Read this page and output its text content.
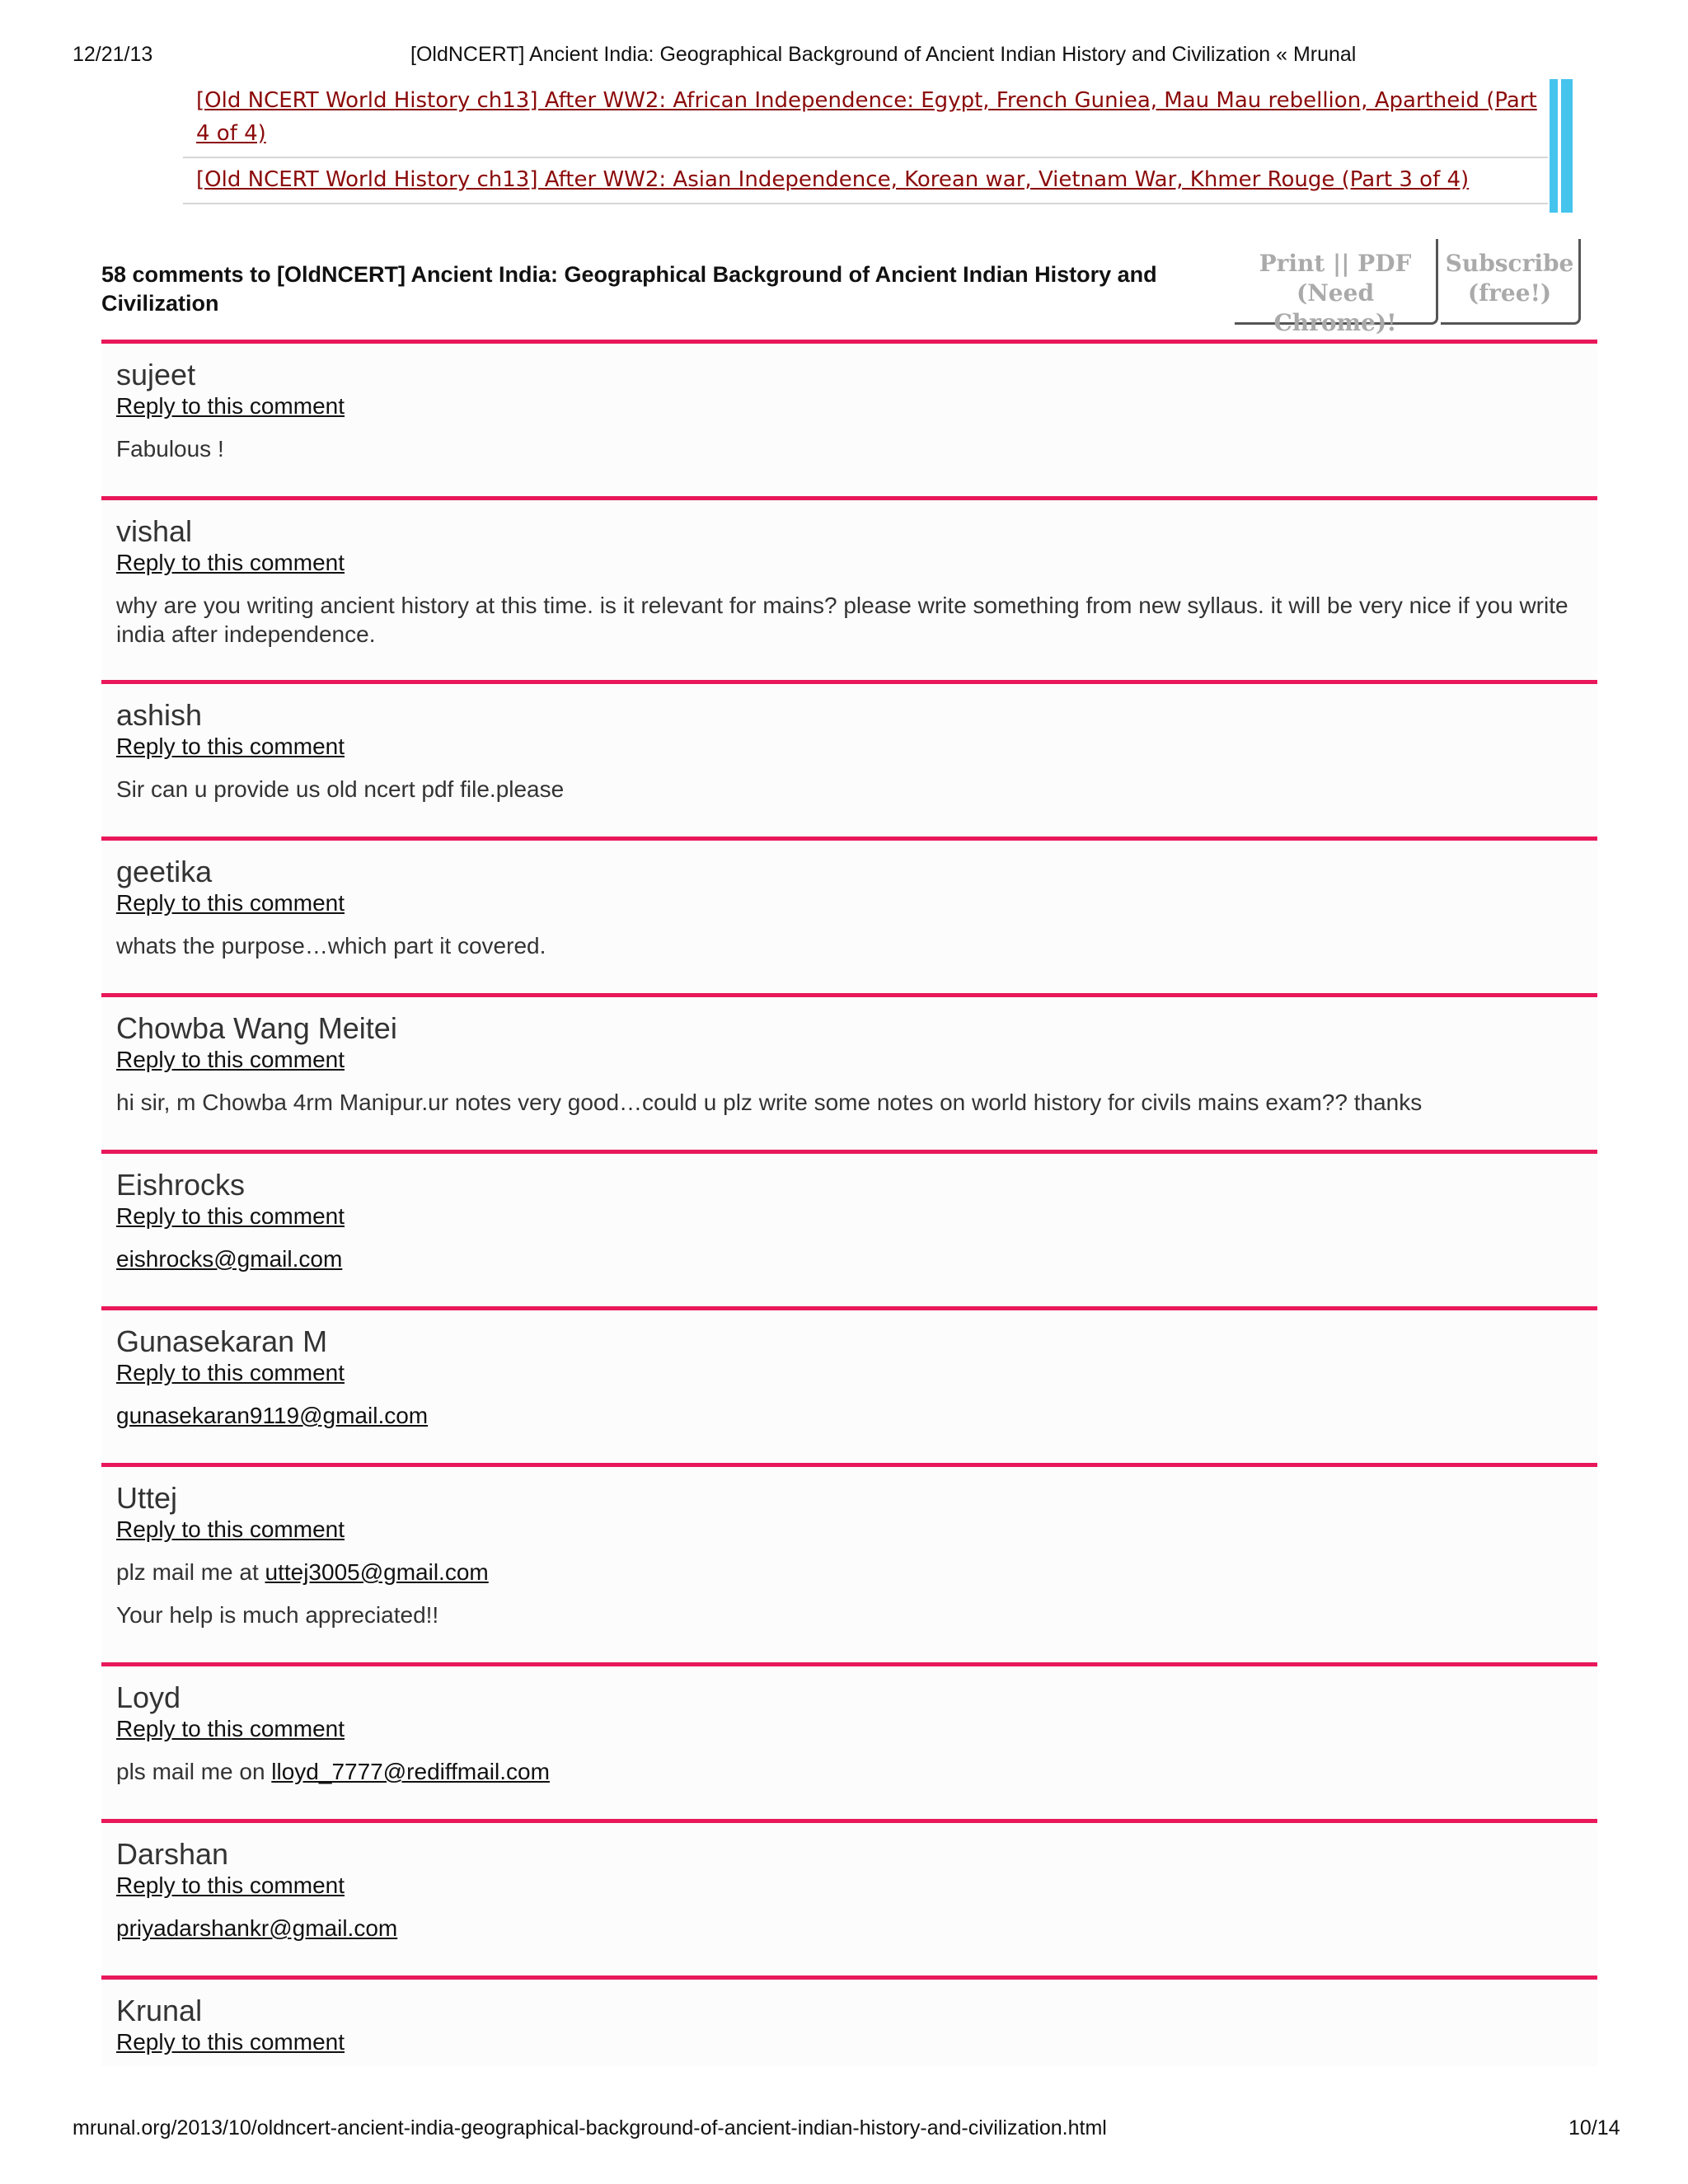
12/21/13	[OldNCERT] Ancient India: Geographical Background of Ancient Indian History and Civilization « Mrunal
[Old NCERT World History ch13] After WW2: African Independence: Egypt, French Guniea, Mau Mau rebellion, Apartheid (Part 4 of 4)
[Old NCERT World History ch13] After WW2: Asian Independence, Korean war, Vietnam War, Khmer Rouge (Part 3 of 4)
58 comments to [OldNCERT] Ancient India: Geographical Background of Ancient Indian History and Civilization
Print || PDF
(Need Chrome)!
Subscribe
(free!)
sujeet
Reply to this comment

Fabulous !

vishal
Reply to this comment

why are you writing ancient history at this time. is it relevant for mains? please write something from new syllaus. it will be very nice if you write india after independence.

ashish
Reply to this comment

Sir can u provide us old ncert pdf file.please

geetika
Reply to this comment

whats the purpose…which part it covered.

Chowba Wang Meitei
Reply to this comment

hi sir, m Chowba 4rm Manipur.ur notes very good…could u plz write some notes on world history for civils mains exam?? thanks

Eishrocks
Reply to this comment

eishrocks@gmail.com

Gunasekaran M
Reply to this comment

gunasekaran9119@gmail.com

Uttej
Reply to this comment

plz mail me at uttej3005@gmail.com

Your help is much appreciated!!

Loyd
Reply to this comment

pls mail me on lloyd_7777@rediffmail.com

Darshan
Reply to this comment

priyadarshankr@gmail.com

Krunal
Reply to this comment
mrunal.org/2013/10/oldncert-ancient-india-geographical-background-of-ancient-indian-history-and-civilization.html	10/14
